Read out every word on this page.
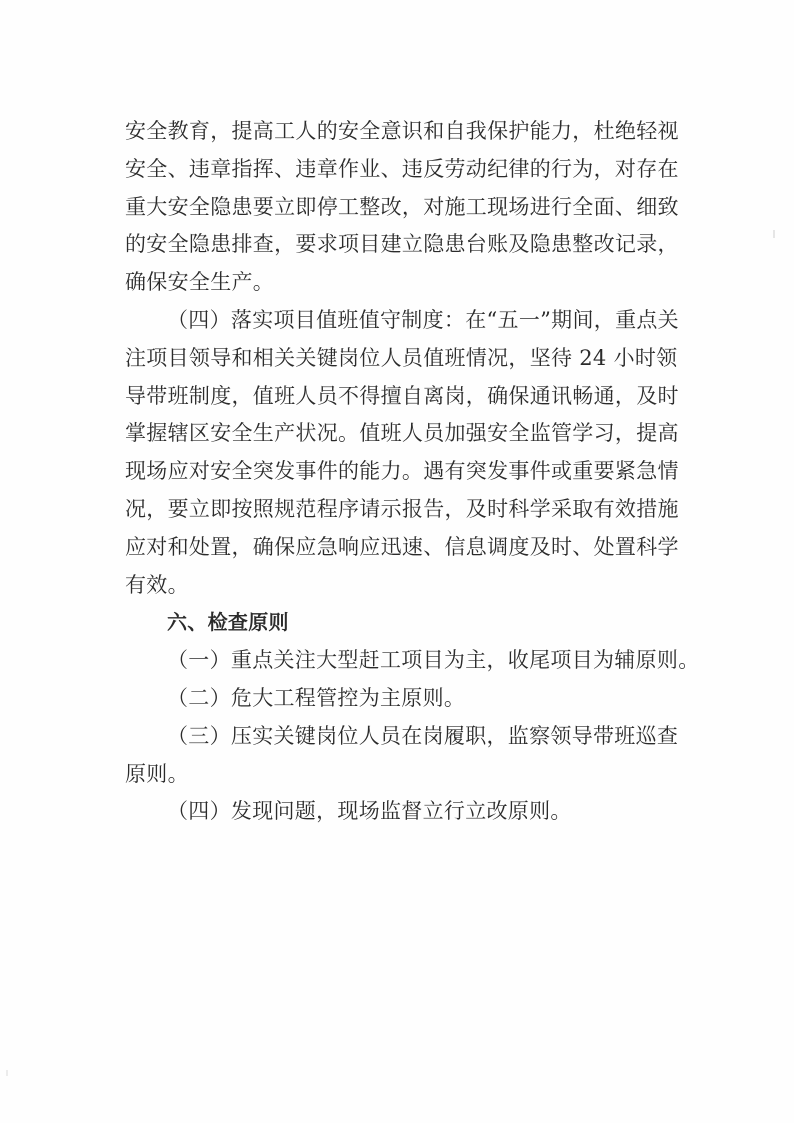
安全教育，提高工人的安全意识和自我保护能力，杜绝轻视
安全、违章指挥、违章作业、违反劳动纪律的行为，对存在
重大安全隐患要立即停工整改，对施工现场进行全面、细致
的安全隐患排查，要求项目建立隐患台账及隐患整改记录，
确保安全生产。
（四）落实项目值班值守制度：在“五一”期间，重点关
注项目领导和相关关键岗位人员值班情况，坚待 24 小时领
导带班制度，值班人员不得擅自离岗，确保通讯畅通，及时
掌握辖区安全生产状况。值班人员加强安全监管学习，提高
现场应对安全突发事件的能力。遇有突发事件或重要紧急情
况，要立即按照规范程序请示报告，及时科学采取有效措施
应对和处置，确保应急响应迅速、信息调度及时、处置科学
有效。
六、检查原则
（一）重点关注大型赶工项目为主，收尾项目为辅原则。
（二）危大工程管控为主原则。
（三）压实关键岗位人员在岗履职，监察领导带班巡查
原则。
（四）发现问题，现场监督立行立改原则。
